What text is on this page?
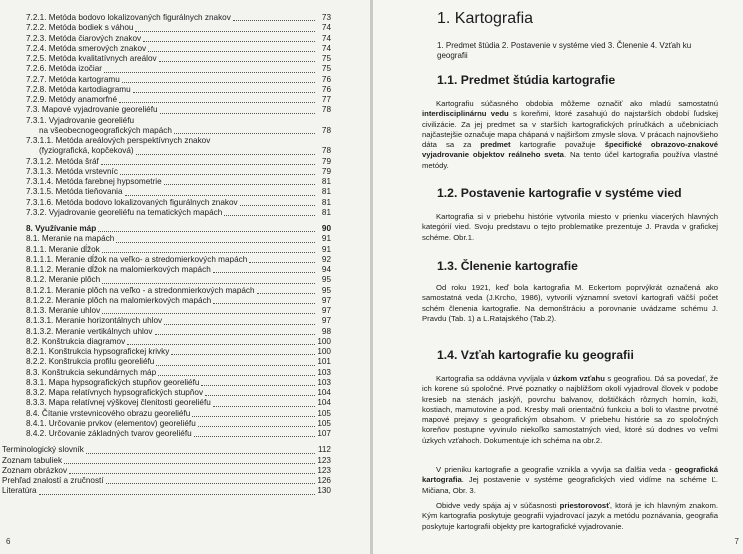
7.2.1. Metóda bodovo lokalizovaných figurálnych znakov	73
7.2.2. Metóda bodiek s váhou	74
7.2.3. Metóda čiarových znakov	74
7.2.4. Metóda smerových znakov	74
7.2.5. Metóda kvalitatívnych areálov	75
7.2.6. Metóda izočiar	75
7.2.7. Metóda kartogramu	76
7.2.8. Metóda kartodiagramu	76
7.2.9. Metódy anamorfné	77
7.3. Mapové vyjadrovanie georeliéfu	78
7.3.1. Vyjadrovanie georeliéfu
na všeobecnogeografických mapách	78
7.3.1.1. Metóda areálových perspektívnych znakov
(fyziografická, kopčeková)	78
7.3.1.2. Metóda šráf	79
7.3.1.3. Metóda vrstevníc	79
7.3.1.4. Metóda farebnej hypsometrie	81
7.3.1.5. Metóda tieňovania	81
7.3.1.6. Metóda bodovo lokalizovaných figurálnych znakov	81
7.3.2. Vyjadrovanie georeliéfu na tematických mapách	81
8. Využívanie máp	90
8.1. Meranie na mapách	91
8.1.1. Meranie dĺžok	91
8.1.1.1. Meranie dĺžok na veľko- a stredomierkových mapách	92
8.1.1.2. Meranie dĺžok na malomierkových mapách	94
8.1.2. Meranie plôch	95
8.1.2.1. Meranie plôch na veľko - a stredonmierkových mapách	95
8.1.2.2. Meranie plôch na malomierkových mapách	97
8.1.3. Meranie uhlov	97
8.1.3.1. Meranie horizontálnych uhlov	97
8.1.3.2. Meranie vertikálnych uhlov	98
8.2. Konštrukcia diagramov	100
8.2.1. Konštrukcia hypsografickej krivky	100
8.2.2. Konštrukcia profilu georeliéfu	101
8.3. Konštrukcia sekundárnych máp	103
8.3.1. Mapa hypsografických stupňov georeliéfu	103
8.3.2. Mapa relatívnych hypsografických stupňov	104
8.3.3. Mapa relatívnej výškovej členitosti georeliéfu	104
8.4. Čítanie vrstevnicového obrazu georeliéfu	105
8.4.1. Určovanie prvkov (elementov) georeliéfu	105
8.4.2. Určovanie základných tvarov georeliéfu	107
Terminologický slovník	112
Zoznam tabuliek	123
Zoznam obrázkov	123
Prehľad znalostí a zručností	126
Literatúra	130
6	7
1. Kartografia

1. Predmet štúdia 2. Postavenie v systéme vied 3. Členenie 4. Vzťah ku geografii

1.1. Predmet štúdia kartografie

Kartografiu súčasného obdobia môžeme označiť ako mladú samostatnú interdisciplinárnu vedu s koreňmi, ktoré zasahujú do najstarších období ľudskej civilizácie. Za jej predmet sa v starších kartografických príručkách a učebniciach najčastejšie označuje mapa chápaná v najširšom zmysle slova. V prácach najnovšieho dáta sa za predmet kartografie považuje špecifické obrazovo-znakové vyjadrovanie objektov reálneho sveta. Na tento účel kartografia používa vlastné metódy.

1.2. Postavenie kartografie v systéme vied

Kartografia si v priebehu histórie vytvorila miesto v prienku viacerých hlavných kategórií vied. Svoju predstavu o tejto problematike prezentuje J. Pravda v grafickej schéme. Obr.1.

1.3. Členenie kartografie

Od roku 1921, keď bola kartografia M. Eckertom poprvýkrát označená ako samostatná veda (J.Krcho, 1986), vytvorili významní svetoví kartografi väčší počet schém členenia kartografie. Na demonštráciu a porovnanie uvádzame schému J. Pravdu (Tab. 1) a L.Ratajského (Tab.2).

1.4. Vzťah kartografie ku geografii

Kartografia sa oddávna vyvíjala v úzkom vzťahu s geografiou. Dá sa povedať, že ich korene sú spoločné. Prvé poznatky o najbližšom okolí vyjadroval človek v podobe kresieb na stenách jaskýň, povrchu balvanov, doštičkách rôznych hornín, koži, kostiach, mamutovine a pod. Kresby mali orientačnú funkciu a boli to vlastne prvotné mapové prejavy s geografickým obsahom. V priebehu histórie sa zo spoločných koreňov postupne vyvinulo niekoľko samostatných vied, ktoré sú dodnes vo veľmi úzkych vzťahoch. Dokumentuje ich schéma na obr.2.

V prieniku kartografie a geografie vznikla a vyvíja sa ďalšia veda - geografická kartografia. Jej postavenie v systéme geografických vied vidíme na schéme Ľ. Mičiana, Obr. 3.

Obidve vedy spája aj v súčasnosti priestorovosť, ktorá je ich hlavným znakom. Kým kartografia poskytuje geografii vyjadrovací jazyk a metódu poznávania, geografia poskytuje kartografii objekty pre kartografické vyjadrovanie.
